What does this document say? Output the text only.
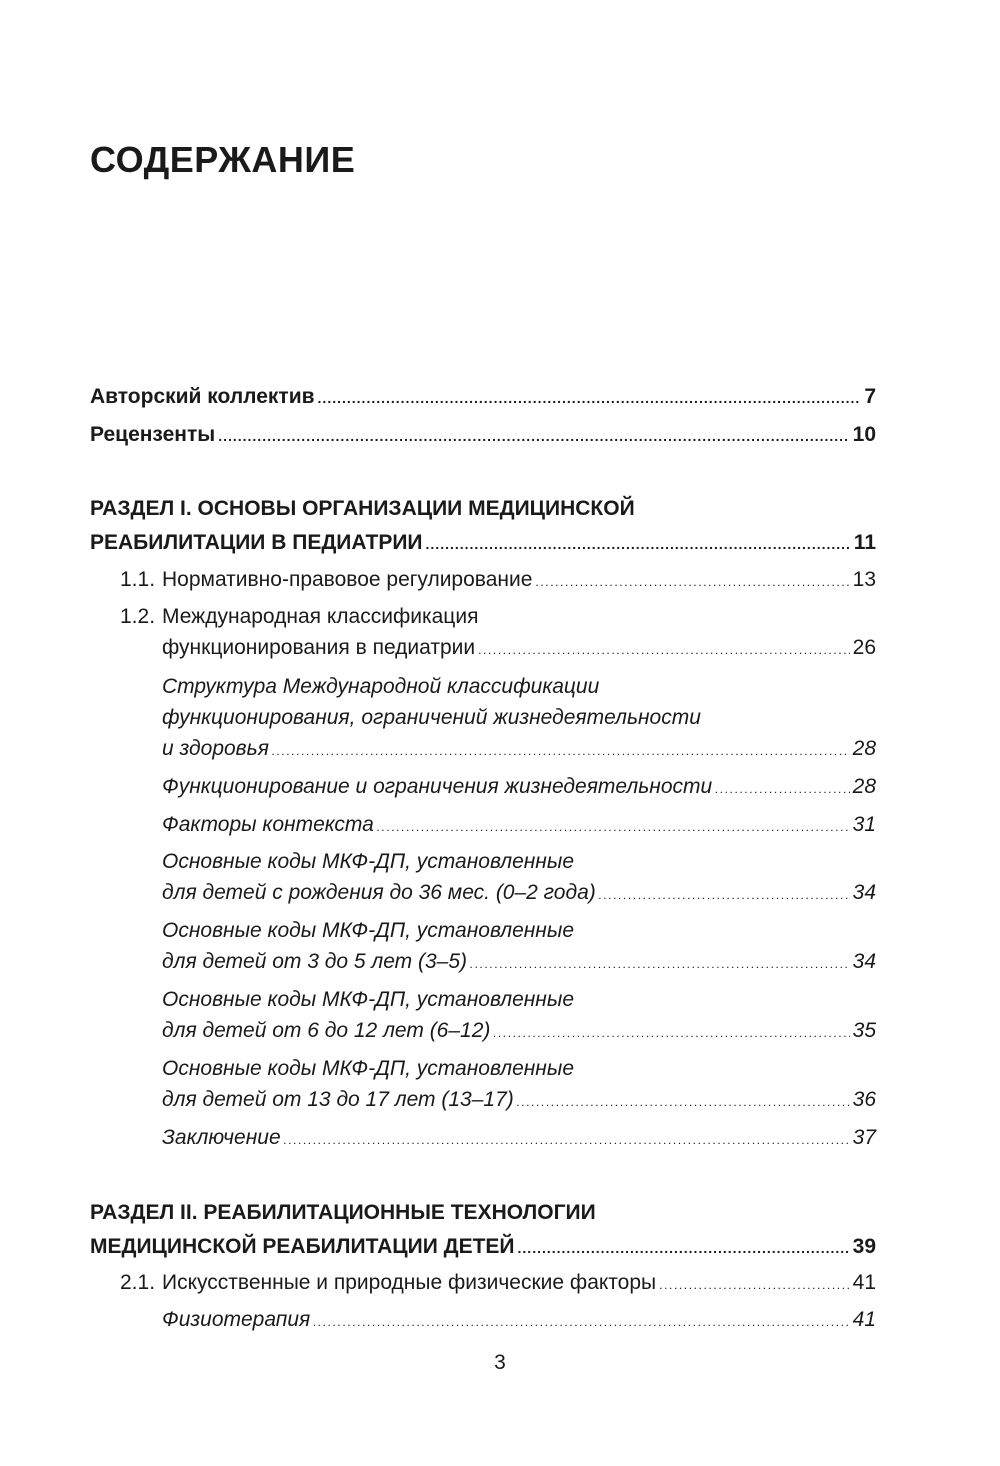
СОДЕРЖАНИЕ
Авторский коллектив .....	7
Рецензенты .....	10
РАЗДЕЛ I. ОСНОВЫ ОРГАНИЗАЦИИ МЕДИЦИНСКОЙ
РЕАБИЛИТАЦИИ В ПЕДИАТРИИ .....	11
1.1. Нормативно-правовое регулирование .....	13
1.2. Международная классификация
функционирования в педиатрии .....	26
Структура Международной классификации
функционирования, ограничений жизнедеятельности
и здоровья .....	28
Функционирование и ограничения жизнедеятельности .....	28
Факторы контекста .....	31
Основные коды МКФ-ДП, установленные
для детей с рождения до 36 мес. (0–2 года) .....	34
Основные коды МКФ-ДП, установленные
для детей от 3 до 5 лет (3–5) .....	34
Основные коды МКФ-ДП, установленные
для детей от 6 до 12 лет (6–12) .....	35
Основные коды МКФ-ДП, установленные
для детей от 13 до 17 лет (13–17) .....	36
Заключение .....	37
РАЗДЕЛ II. РЕАБИЛИТАЦИОННЫЕ ТЕХНОЛОГИИ
МЕДИЦИНСКОЙ РЕАБИЛИТАЦИИ ДЕТЕЙ .....	39
2.1. Искусственные и природные физические факторы .....	41
Физиотерапия .....	41
3
